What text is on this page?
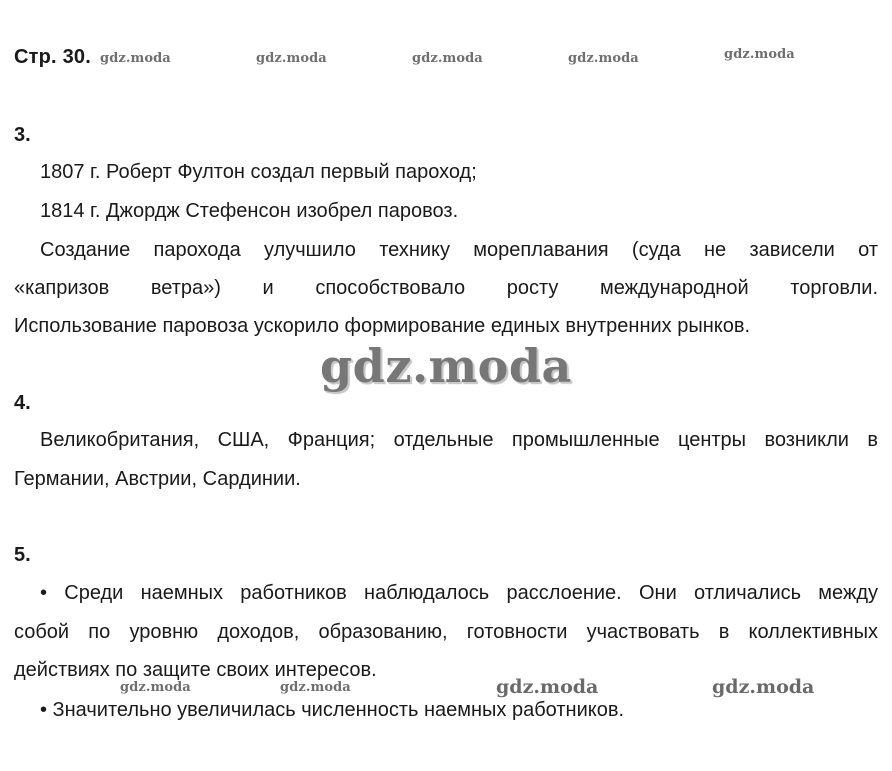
Стр. 30. gdz.moda	gdz.moda	gdz.moda	gdz.moda	gdz.moda
3.
1807 г. Роберт Фултон создал первый пароход;
1814 г. Джордж Стефенсон изобрел паровоз.
Создание парохода улучшило технику мореплавания (суда не зависели от
«капризов ветра») и способствовало росту международной торговли.
Использование паровоза ускорило формирование единых внутренних рынков.
gdz.moda
4.
Великобритания, США, Франция; отдельные промышленные центры возникли в
Германии, Австрии, Сардинии.
5.
• Среди наемных работников наблюдалось расслоение. Они отличались между
собой по уровню доходов, образованию, готовности участвовать в коллективных
действиях по защите своих интересов.
gdz.moda	gdz.moda	gdz.moda	gdz.moda
• Значительно увеличилась численность наемных работников.
